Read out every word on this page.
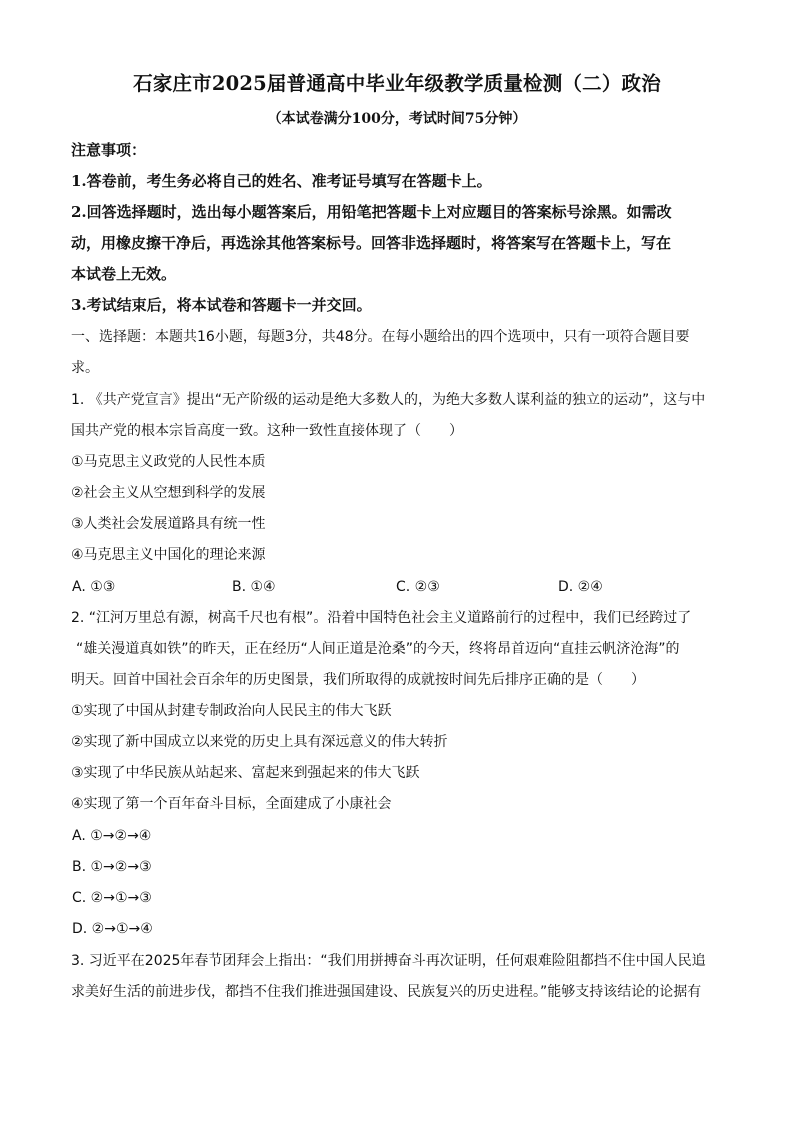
石家庄市2025届普通高中毕业年级教学质量检测（二）政治
（本试卷满分100分，考试时间75分钟）
注意事项：
1.答卷前，考生务必将自己的姓名、准考证号填写在答题卡上。
2.回答选择题时，选出每小题答案后，用铅笔把答题卡上对应题目的答案标号涂黑。如需改
动，用橡皮擦干净后，再选涂其他答案标号。回答非选择题时，将答案写在答题卡上，写在
本试卷上无效。
3.考试结束后，将本试卷和答题卡一并交回。
一、选择题：本题共16小题，每题3分，共48分。在每小题给出的四个选项中，只有一项符合题目要
求。
1. 《共产党宣言》提出“无产阶级的运动是绝大多数人的，为绝大多数人谋利益的独立的运动”，这与中
国共产党的根本宗旨高度一致。这种一致性直接体现了（　　）
①马克思主义政党的人民性本质
②社会主义从空想到科学的发展
③人类社会发展道路具有统一性
④马克思主义中国化的理论来源
A. ①③	B. ①④	C. ②③	D. ②④
2. “江河万里总有源，树高千尺也有根”。沿着中国特色社会主义道路前行的过程中，我们已经跨过了
“雄关漫道真如铁”的昨天，正在经历“人间正道是沧桑”的今天，终将昂首迈向“直挂云帆济沧海”的
明天。回首中国社会百余年的历史图景，我们所取得的成就按时间先后排序正确的是（　　）
①实现了中国从封建专制政治向人民民主的伟大飞跃
②实现了新中国成立以来党的历史上具有深远意义的伟大转折
③实现了中华民族从站起来、富起来到强起来的伟大飞跃
④实现了第一个百年奋斗目标，全面建成了小康社会
A. ①→②→④
B. ①→②→③
C. ②→①→③
D. ②→①→④
3. 习近平在2025年春节团拜会上指出：“我们用拼搏奋斗再次证明，任何艰难险阻都挡不住中国人民追
求美好生活的前进步伐，都挡不住我们推进强国建设、民族复兴的历史进程。”能够支持该结论的论据有
